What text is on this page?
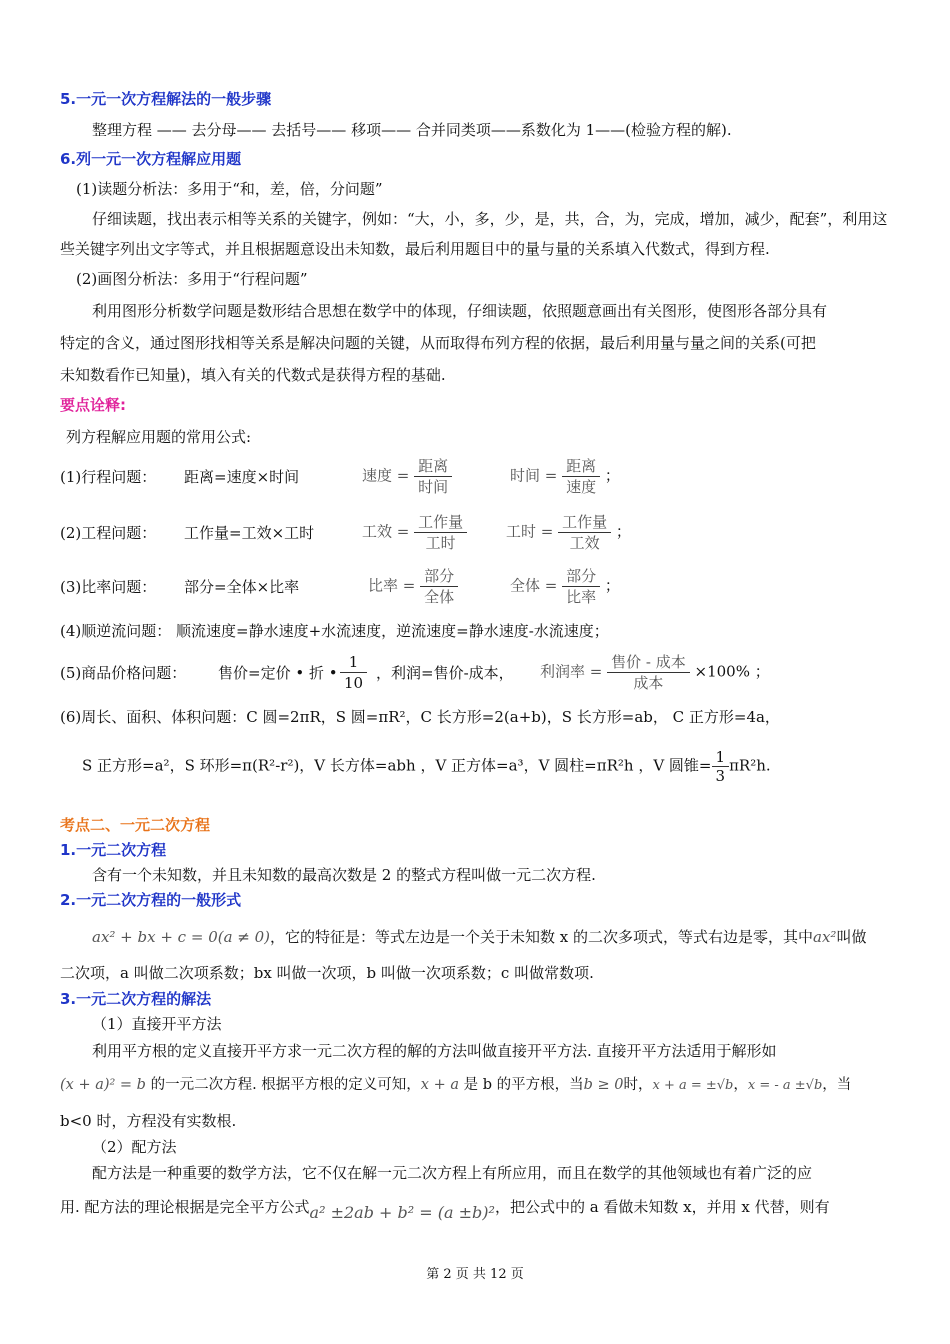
5.一元一次方程解法的一般步骤
整理方程 —— 去分母—— 去括号—— 移项—— 合并同类项——系数化为 1——(检验方程的解).
6.列一元一次方程解应用题
(1)读题分析法：多用于“和，差，倍，分问题”
仔细读题，找出表示相等关系的关键字，例如：“大，小，多，少，是，共，合，为，完成，增加，减少，配套”，利用这
些关键字列出文字等式，并且根据题意设出未知数，最后利用题目中的量与量的关系填入代数式，得到方程.
(2)画图分析法：多用于“行程问题”
利用图形分析数学问题是数形结合思想在数学中的体现，仔细读题，依照题意画出有关图形，使图形各部分具有
特定的含义，通过图形找相等关系是解决问题的关键，从而取得布列方程的依据，最后利用量与量之间的关系(可把
未知数看作已知量)，填入有关的代数式是获得方程的基础.
要点诠释:
列方程解应用题的常用公式:
(1)行程问题： 距离=速度×时间	速度 = $\frac{\text{距离}}{\text{时间}}$	时间 = $\frac{\text{距离}}{\text{速度}}$ ；
(2)工程问题： 工作量=工效×工时	工效 = $\frac{\text{工作量}}{\text{工时}}$	工时 = $\frac{\text{工作量}}{\text{工效}}$ ；
(3)比率问题： 部分=全体×比率	比率 = $\frac{\text{部分}}{\text{全体}}$	全体 = $\frac{\text{部分}}{\text{比率}}$ ；
(4)顺逆流问题： 顺流速度=静水速度+水流速度，逆流速度=静水速度-水流速度；
(5)商品价格问题： 售价=定价 • 折 • $\frac{1}{10}$ ，利润=售价-成本， 利润率 = $\frac{\text{售价 - 成本}}{\text{成本}} \times 100\%$ ；
(6)周长、面积、体积问题：C 圆=2πR，S 圆=πR²，C 长方形=2(a+b)，S 长方形=ab， C 正方形=4a，
S 正方形=a²，S 环形=π(R²-r²)，V 长方体=abh ，V 正方体=a³，V 圆柱=πR²h ，V 圆锥= $\frac{1}{3} \pi R^2h$.
考点二、一元二次方程
1.一元二次方程
含有一个未知数，并且未知数的最高次数是 2 的整式方程叫做一元二次方程.
2.一元二次方程的一般形式
ax² + bx + c = 0(a ≠ 0)，它的特征是：等式左边是一个关于未知数 x 的二次多项式，等式右边是零，其中ax²叫做
二次项，a 叫做二次项系数；bx 叫做一次项，b 叫做一次项系数；c 叫做常数项.
3.一元二次方程的解法
（1）直接开平方法
利用平方根的定义直接开平方求一元二次方程的解的方法叫做直接开平方法. 直接开平方法适用于解形如
(x + a)² = b 的一元二次方程. 根据平方根的定义可知，x + a 是 b 的平方根，当b ≥ 0时，x + a = ±√b，x = - a ±√b，当
b<0 时，方程没有实数根.
（2）配方法
配方法是一种重要的数学方法，它不仅在解一元二次方程上有所应用，而且在数学的其他领域也有着广泛的应
用. 配方法的理论根据是完全平方公式a² ±2ab + b² = (a ±b)²，把公式中的 a 看做未知数 x，并用 x 代替，则有
第 2 页 共 12 页
